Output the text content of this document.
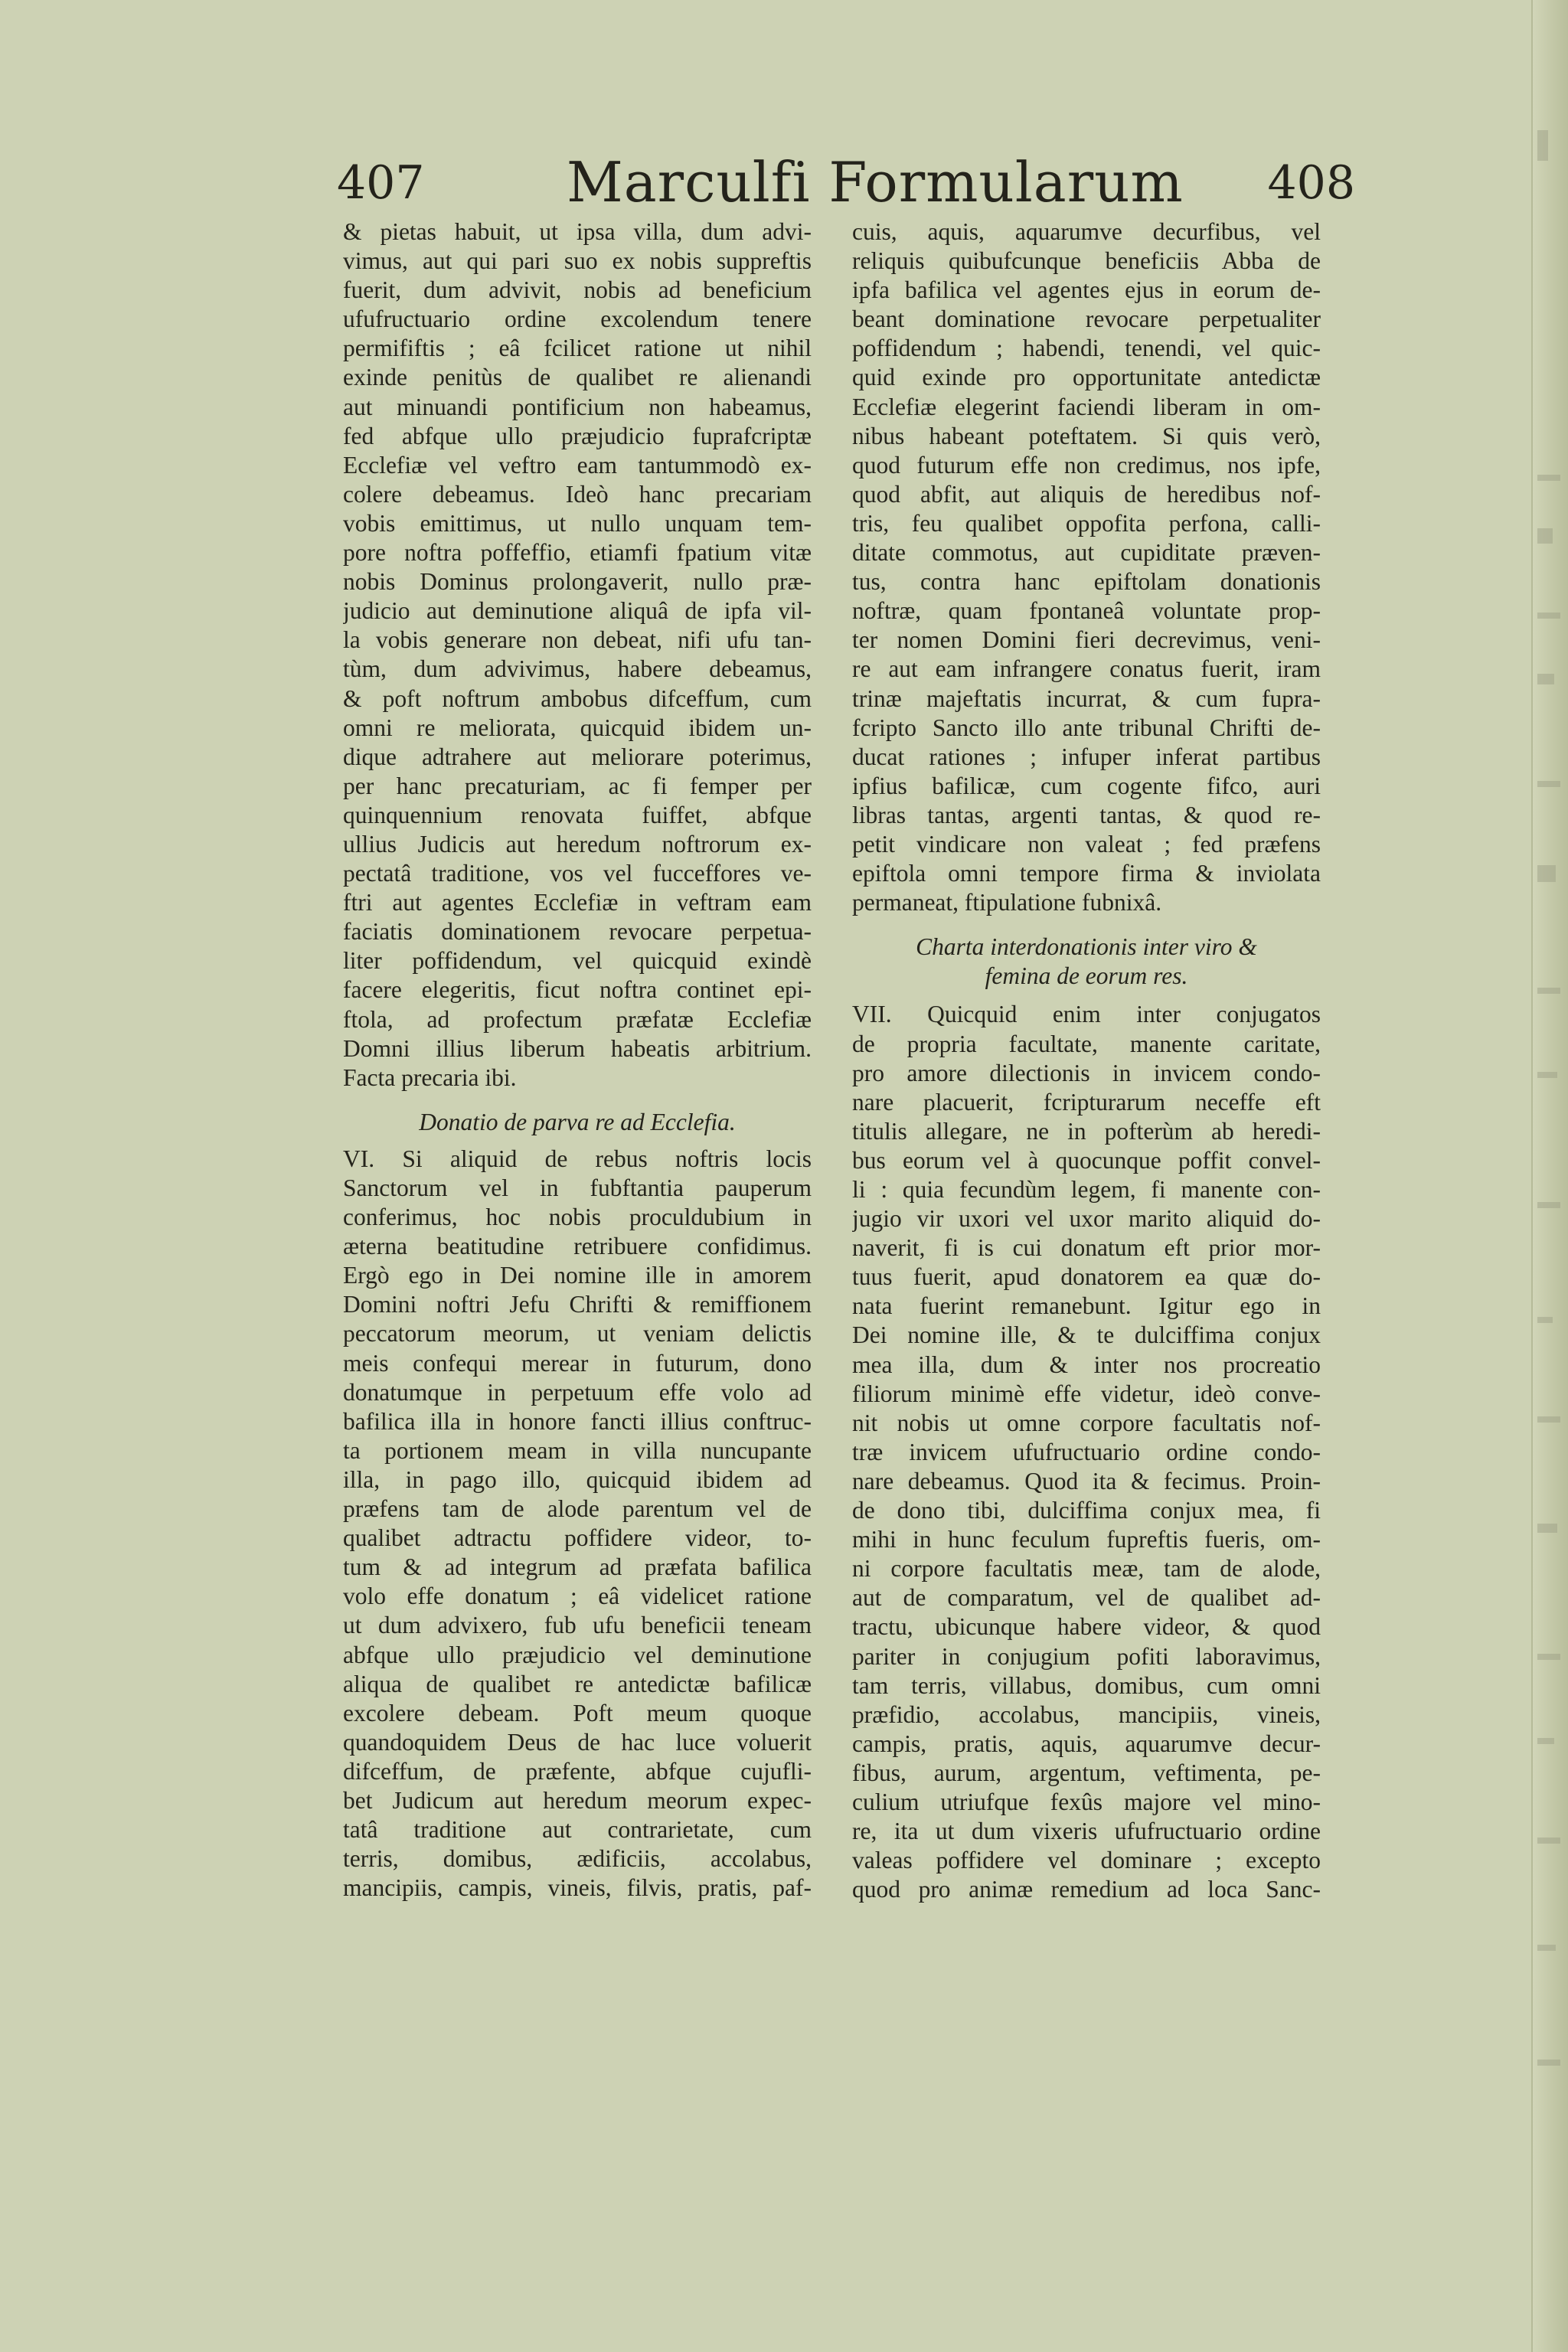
407	Marculfi Formularum 408
& pietas habuit, ut ipsa villa, dum advi-
vimus, aut qui pari suo ex nobis suppreftis
fuerit, dum advivit, nobis ad beneficium
ufufructuario ordine excolendum tenere
permififtis ; eâ fcilicet ratione ut nihil
exinde penitùs de qualibet re alienandi
aut minuandi pontificium non habeamus,
fed abfque ullo præjudicio fuprafcriptæ
Ecclefiæ vel veftro eam tantummodò ex-
colere debeamus. Ideò hanc precariam
vobis emittimus, ut nullo unquam tem-
pore noftra poffeffio, etiamfi fpatium vitæ
nobis Dominus prolongaverit, nullo præ-
judicio aut deminutione aliquâ de ipfa vil-
la vobis generare non debeat, nifi ufu tan-
tùm, dum advivimus, habere debeamus,
& poft noftrum ambobus difceffum, cum
omni re meliorata, quicquid ibidem un-
dique adtrahere aut meliorare poterimus,
per hanc precaturiam, ac fi femper per
quinquennium renovata fuiffet, abfque
ullius Judicis aut heredum noftrorum ex-
pectatâ traditione, vos vel fucceffores ve-
ftri aut agentes Ecclefiæ in veftram eam
faciatis dominationem revocare perpetua-
liter poffidendum, vel quicquid exindè
facere elegeritis, ficut noftra continet epi-
ftola, ad profectum præfatæ Ecclefiæ
Domni illius liberum habeatis arbitrium.
Facta precaria ibi.
Donatio de parva re ad Ecclefia.
VI. Si aliquid de rebus noftris locis
Sanctorum vel in fubftantia pauperum
conferimus, hoc nobis proculdubium in
æterna beatitudine retribuere confidimus.
Ergò ego in Dei nomine ille in amorem
Domini noftri Jefu Chrifti & remiffionem
peccatorum meorum, ut veniam delictis
meis confequi merear in futurum, dono
donatumque in perpetuum effe volo ad
bafilica illa in honore fancti illius conftruc-
ta portionem meam in villa nuncupante
illa, in pago illo, quicquid ibidem ad
præfens tam de alode parentum vel de
qualibet adtractu poffidere videor, to-
tum & ad integrum ad præfata bafilica
volo effe donatum ; eâ videlicet ratione
ut dum advixero, fub ufu beneficii teneam
abfque ullo præjudicio vel deminutione
aliqua de qualibet re antedictæ bafilicæ
excolere debeam. Poft meum quoque
quandoquidem Deus de hac luce voluerit
difceffum, de præfente, abfque cujufli-
bet Judicum aut heredum meorum expec-
tatâ traditione aut contrarietate, cum
terris, domibus, ædificiis, accolabus,
mancipiis, campis, vineis, filvis, pratis, paf-
cuis, aquis, aquarumve decurfibus, vel
reliquis quibufcunque beneficiis Abba de
ipfa bafilica vel agentes ejus in eorum de-
beant dominatione revocare perpetualiter
poffidendum ; habendi, tenendi, vel quic-
quid exinde pro opportunitate antedictæ
Ecclefiæ elegerint faciendi liberam in om-
nibus habeant poteftatem. Si quis verò,
quod futurum effe non credimus, nos ipfe,
quod abfit, aut aliquis de heredibus nof-
tris, feu qualibet oppofita perfona, calli-
ditate commotus, aut cupiditate præven-
tus, contra hanc epiftolam donationis
noftræ, quam fpontaneâ voluntate prop-
ter nomen Domini fieri decrevimus, veni-
re aut eam infrangere conatus fuerit, iram
trinæ majeftatis incurrat, & cum fupra-
fcripto Sancto illo ante tribunal Chrifti de-
ducat rationes ; infuper inferat partibus
ipfius bafilicæ, cum cogente fifco, auri
libras tantas, argenti tantas, & quod re-
petit vindicare non valeat ; fed præfens
epiftola omni tempore firma & inviolata
permaneat, ftipulatione fubnixâ.
Charta interdonationis inter viro &
femina de eorum res.
VII. Quicquid enim inter conjugatos
de propria facultate, manente caritate,
pro amore dilectionis in invicem condo-
nare placuerit, fcripturarum neceffe eft
titulis allegare, ne in pofterùm ab heredi-
bus eorum vel à quocunque poffit convel-
li : quia fecundùm legem, fi manente con-
jugio vir uxori vel uxor marito aliquid do-
naverit, fi is cui donatum eft prior mor-
tuus fuerit, apud donatorem ea quæ do-
nata fuerint remanebunt. Igitur ego in
Dei nomine ille, & te dulciffima conjux
mea illa, dum & inter nos procreatio
filiorum minimè effe videtur, ideò conve-
nit nobis ut omne corpore facultatis nof-
træ invicem ufufructuario ordine condo-
nare debeamus. Quod ita & fecimus. Proin-
de dono tibi, dulciffima conjux mea, fi
mihi in hunc feculum fupreftis fueris, om-
ni corpore facultatis meæ, tam de alode,
aut de comparatum, vel de qualibet ad-
tractu, ubicunque habere videor, & quod
pariter in conjugium pofiti laboravimus,
tam terris, villabus, domibus, cum omni
præfidio, accolabus, mancipiis, vineis,
campis, pratis, aquis, aquarumve decur-
fibus, aurum, argentum, veftimenta, pe-
culium utriufque fexûs majore vel mino-
re, ita ut dum vixeris ufufructuario ordine
valeas poffidere vel dominare ; excepto
quod pro animæ remedium ad loca Sanc-
